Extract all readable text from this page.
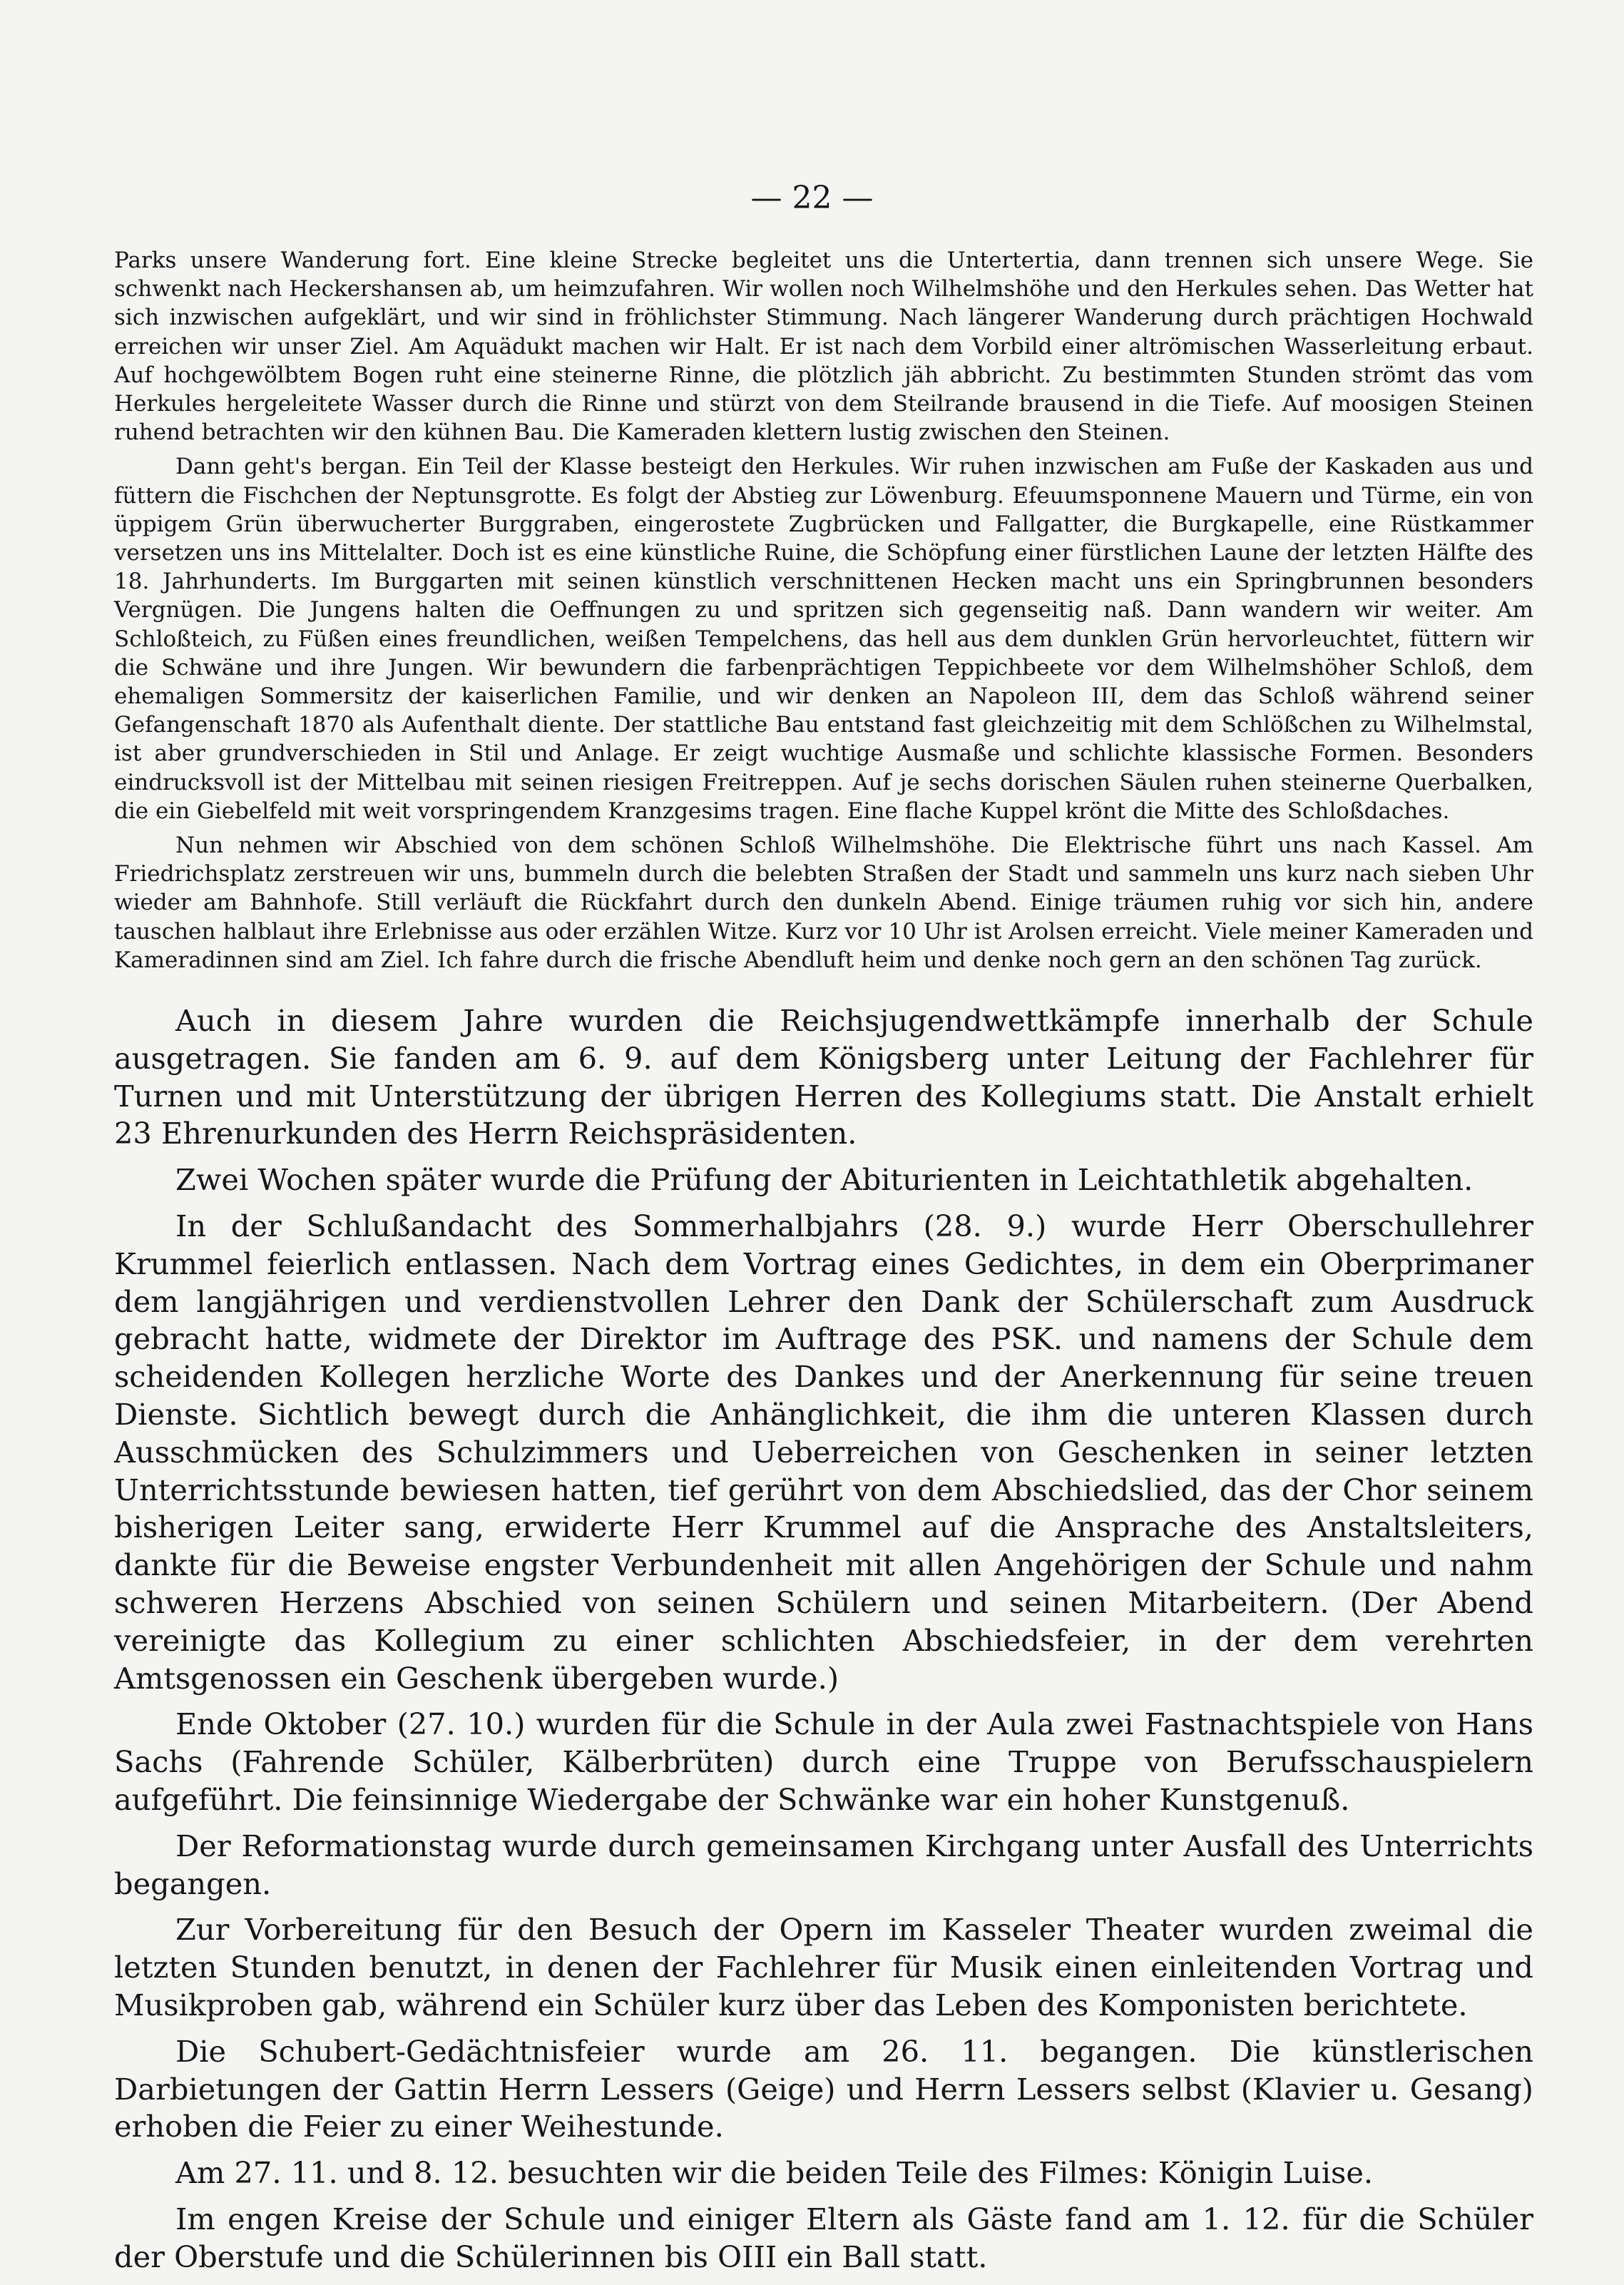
— 22 —

Parks unsere Wanderung fort. Eine kleine Strecke begleitet uns die Untertertia, dann trennen sich unsere Wege. Sie schwenkt nach Heckershansen ab, um heimzufahren. Wir wollen noch Wilhelmshöhe und den Herkules sehen. Das Wetter hat sich inzwischen aufgeklärt, und wir sind in fröhlichster Stimmung. Nach längerer Wanderung durch prächtigen Hochwald erreichen wir unser Ziel. Am Aquädukt machen wir Halt. Er ist nach dem Vorbild einer altrömischen Wasserleitung erbaut. Auf hochgewölbtem Bogen ruht eine steinerne Rinne, die plötzlich jäh abbricht. Zu bestimmten Stunden strömt das vom Herkules hergeleitete Wasser durch die Rinne und stürzt von dem Steilrande brausend in die Tiefe. Auf moosigen Steinen ruhend betrachten wir den kühnen Bau. Die Kameraden klettern lustig zwischen den Steinen.

Dann geht's bergan. Ein Teil der Klasse besteigt den Herkules. Wir ruhen inzwischen am Fuße der Kaskaden aus und füttern die Fischchen der Neptunsgrotte. Es folgt der Abstieg zur Löwenburg. Efeuumsponnene Mauern und Türme, ein von üppigem Grün überwucherter Burggraben, eingerostete Zugbrücken und Fallgatter, die Burgkapelle, eine Rüstkammer versetzen uns ins Mittelalter. Doch ist es eine künstliche Ruine, die Schöpfung einer fürstlichen Laune der letzten Hälfte des 18. Jahrhunderts. Im Burggarten mit seinen künstlich verschnittenen Hecken macht uns ein Springbrunnen besonders Vergnügen. Die Jungens halten die Oeffnungen zu und spritzen sich gegenseitig naß. Dann wandern wir weiter. Am Schloßteich, zu Füßen eines freundlichen, weißen Tempelchens, das hell aus dem dunklen Grün hervorleuchtet, füttern wir die Schwäne und ihre Jungen. Wir bewundern die farbenprächtigen Teppichbeete vor dem Wilhelmshöher Schloß, dem ehemaligen Sommersitz der kaiserlichen Familie, und wir denken an Napoleon III, dem das Schloß während seiner Gefangenschaft 1870 als Aufenthalt diente. Der stattliche Bau entstand fast gleichzeitig mit dem Schlößchen zu Wilhelmstal, ist aber grundverschieden in Stil und Anlage. Er zeigt wuchtige Ausmaße und schlichte klassische Formen. Besonders eindrucksvoll ist der Mittelbau mit seinen riesigen Freitreppen. Auf je sechs dorischen Säulen ruhen steinerne Querbalken, die ein Giebelfeld mit weit vorspringendem Kranzgesims tragen. Eine flache Kuppel krönt die Mitte des Schloßdaches.

Nun nehmen wir Abschied von dem schönen Schloß Wilhelmshöhe. Die Elektrische führt uns nach Kassel. Am Friedrichsplatz zerstreuen wir uns, bummeln durch die belebten Straßen der Stadt und sammeln uns kurz nach sieben Uhr wieder am Bahnhofe. Still verläuft die Rückfahrt durch den dunkeln Abend. Einige träumen ruhig vor sich hin, andere tauschen halblaut ihre Erlebnisse aus oder erzählen Witze. Kurz vor 10 Uhr ist Arolsen erreicht. Viele meiner Kameraden und Kameradinnen sind am Ziel. Ich fahre durch die frische Abendluft heim und denke noch gern an den schönen Tag zurück.

Auch in diesem Jahre wurden die Reichsjugendwettkämpfe innerhalb der Schule ausgetragen. Sie fanden am 6. 9. auf dem Königsberg unter Leitung der Fachlehrer für Turnen und mit Unterstützung der übrigen Herren des Kollegiums statt. Die Anstalt erhielt 23 Ehrenurkunden des Herrn Reichspräsidenten.

Zwei Wochen später wurde die Prüfung der Abiturienten in Leichtathletik abgehalten.

In der Schlußandacht des Sommerhalbjahrs (28. 9.) wurde Herr Oberschullehrer Krummel feierlich entlassen. Nach dem Vortrag eines Gedichtes, in dem ein Oberprimaner dem langjährigen und verdienstvollen Lehrer den Dank der Schülerschaft zum Ausdruck gebracht hatte, widmete der Direktor im Auftrage des PSK. und namens der Schule dem scheidenden Kollegen herzliche Worte des Dankes und der Anerkennung für seine treuen Dienste. Sichtlich bewegt durch die Anhänglichkeit, die ihm die unteren Klassen durch Ausschmücken des Schulzimmers und Ueberreichen von Geschenken in seiner letzten Unterrichtsstunde bewiesen hatten, tief gerührt von dem Abschiedslied, das der Chor seinem bisherigen Leiter sang, erwiderte Herr Krummel auf die Ansprache des Anstaltsleiters, dankte für die Beweise engster Verbundenheit mit allen Angehörigen der Schule und nahm schweren Herzens Abschied von seinen Schülern und seinen Mitarbeitern. (Der Abend vereinigte das Kollegium zu einer schlichten Abschiedsfeier, in der dem verehrten Amtsgenossen ein Geschenk übergeben wurde.)

Ende Oktober (27. 10.) wurden für die Schule in der Aula zwei Fastnachtspiele von Hans Sachs (Fahrende Schüler, Kälberbrüten) durch eine Truppe von Berufsschauspielern aufgeführt. Die feinsinnige Wiedergabe der Schwänke war ein hoher Kunstgenuß.

Der Reformationstag wurde durch gemeinsamen Kirchgang unter Ausfall des Unterrichts begangen.

Zur Vorbereitung für den Besuch der Opern im Kasseler Theater wurden zweimal die letzten Stunden benutzt, in denen der Fachlehrer für Musik einen einleitenden Vortrag und Musikproben gab, während ein Schüler kurz über das Leben des Komponisten berichtete.

Die Schubert-Gedächtnisfeier wurde am 26. 11. begangen. Die künstlerischen Darbietungen der Gattin Herrn Lessers (Geige) und Herrn Lessers selbst (Klavier u. Gesang) erhoben die Feier zu einer Weihestunde.

Am 27. 11. und 8. 12. besuchten wir die beiden Teile des Filmes: Königin Luise.

Im engen Kreise der Schule und einiger Eltern als Gäste fand am 1. 12. für die Schüler der Oberstufe und die Schülerinnen bis OIII ein Ball statt.
